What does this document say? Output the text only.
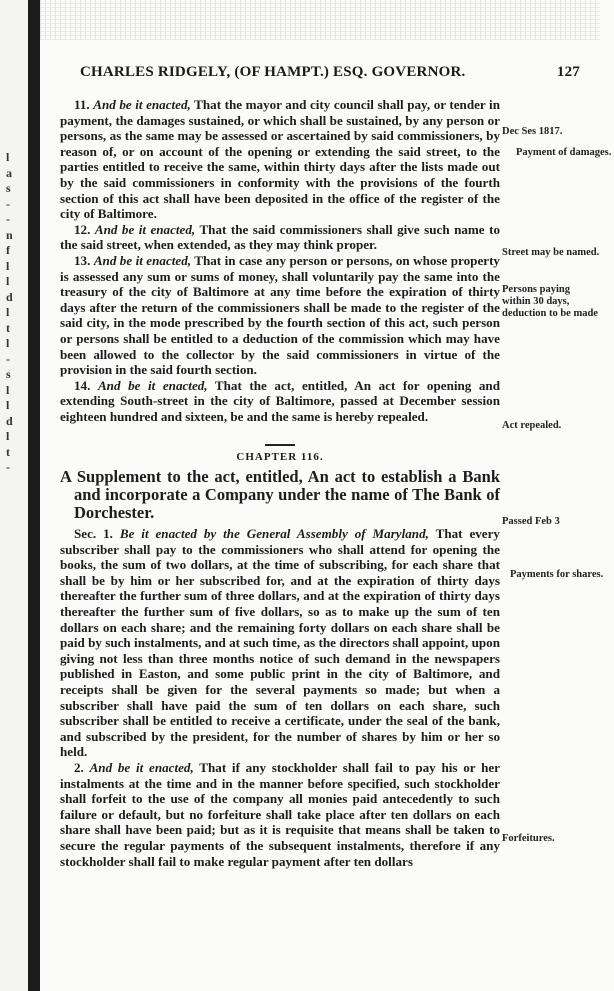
l
a
s
-
-
n
f
l
l
d
l
t
l
-
s
l
l
d
l
t
-
CHARLES RIDGELY, (OF HAMPT.) ESQ. GOVERNOR.	127

11. And be it enacted, That the mayor and city council shall pay, or tender in payment, the damages sustained, or which shall be sustained, by any person or persons, as the same may be assessed or ascertained by said commissioners, by reason of, or on account of the opening or extending the said street, to the parties entitled to receive the same, within thirty days after the lists made out by the said commissioners in conformity with the provisions of the fourth section of this act shall have been deposited in the office of the register of the city of Baltimore.

12. And be it enacted, That the said commissioners shall give such name to the said street, when extended, as they may think proper.

13. And be it enacted, That in case any person or persons, on whose property is assessed any sum or sums of money, shall voluntarily pay the same into the treasury of the city of Baltimore at any time before the expiration of thirty days after the return of the commissioners shall be made to the register of the said city, in the mode prescribed by the fourth section of this act, such person or persons shall be entitled to a deduction of the commission which may have been allowed to the collector by the said commissioners in virtue of the provision in the said fourth section.

14. And be it enacted, That the act, entitled, An act for opening and extending South-street in the city of Baltimore, passed at December session eighteen hundred and sixteen, be and the same is hereby repealed.

CHAPTER 116.

A Supplement to the act, entitled, An act to establish a Bank and incorporate a Company under the name of The Bank of Dorchester.

Sec. 1. Be it enacted by the General Assembly of Maryland, That every subscriber shall pay to the commissioners who shall attend for opening the books, the sum of two dollars, at the time of subscribing, for each share that shall be by him or her subscribed for, and at the expiration of thirty days thereafter the further sum of three dollars, and at the expiration of thirty days thereafter the further sum of five dollars, so as to make up the sum of ten dollars on each share; and the remaining forty dollars on each share shall be paid by such instalments, and at such time, as the directors shall appoint, upon giving not less than three months notice of such demand in the newspapers published in Easton, and some public print in the city of Baltimore, and receipts shall be given for the several payments so made; but when a subscriber shall have paid the sum of ten dollars on each share, such subscriber shall be entitled to receive a certificate, under the seal of the bank, and subscribed by the president, for the number of shares by him or her so held.

2. And be it enacted, That if any stockholder shall fail to pay his or her instalments at the time and in the manner before specified, such stockholder shall forfeit to the use of the company all monies paid antecedently to such failure or default, but no forfeiture shall take place after ten dollars on each share shall have been paid; but as it is requisite that means shall be taken to secure the regular payments of the subsequent instalments, therefore if any stockholder shall fail to make regular payment after ten dollars

Dec Ses 1817.
Payment of damages.
Street may be named.
Persons paying within 30 days, deduction to be made
Act repealed.
Passed Feb 3
Payments for shares.
Forfeitures.
